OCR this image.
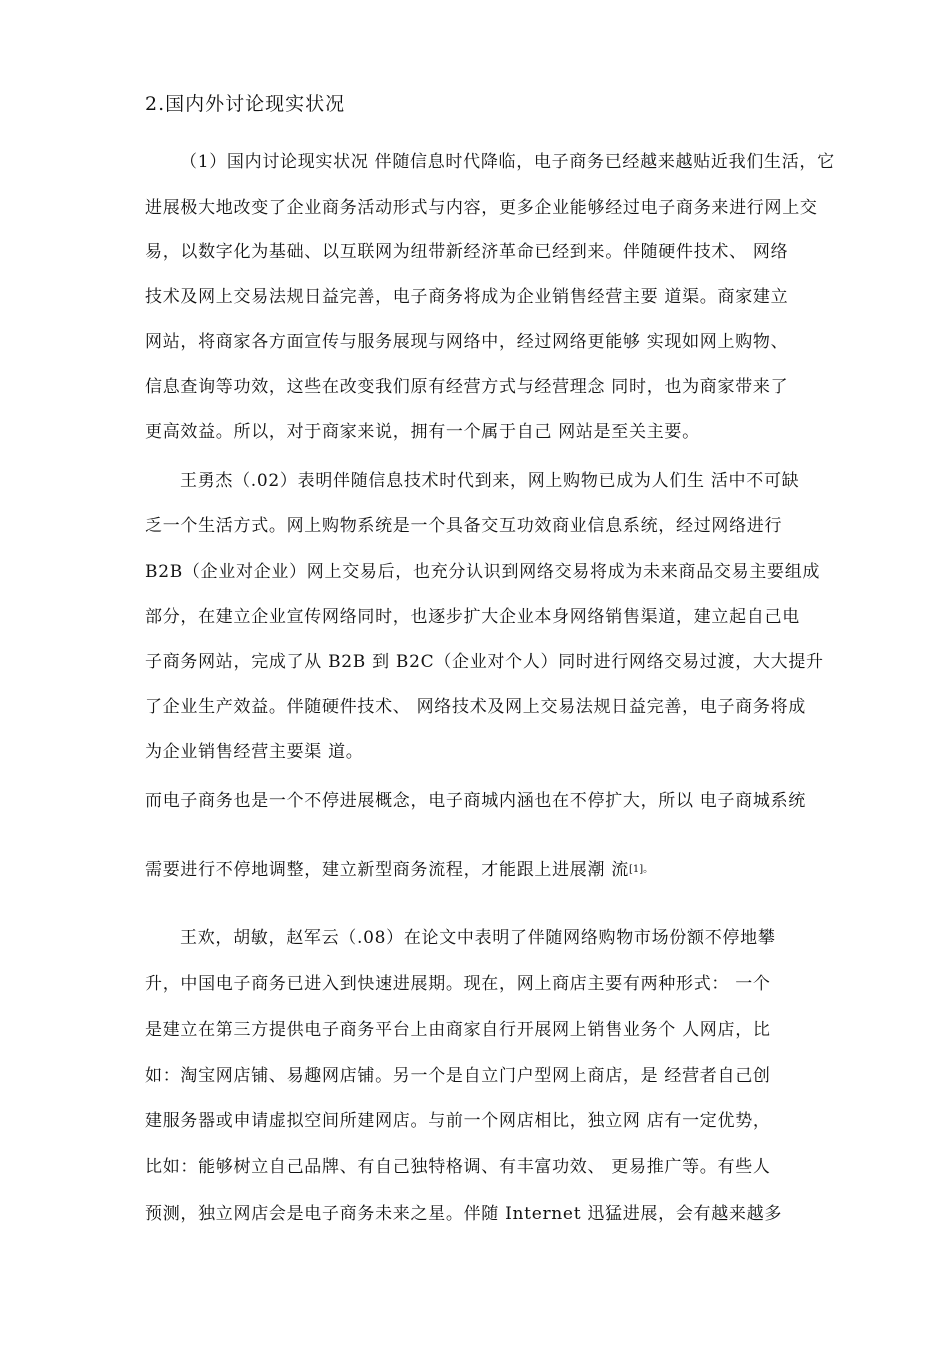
2.国内外讨论现实状况
（1）国内讨论现实状况 伴随信息时代降临，电子商务已经越来越贴近我们生活，它
进展极大地改变了企业商务活动形式与内容，更多企业能够经过电子商务来进行网上交
易，以数字化为基础、以互联网为纽带新经济革命已经到来。伴随硬件技术、 网络
技术及网上交易法规日益完善，电子商务将成为企业销售经营主要 道渠。商家建立
网站，将商家各方面宣传与服务展现与网络中，经过网络更能够 实现如网上购物、
信息查询等功效，这些在改变我们原有经营方式与经营理念 同时，也为商家带来了
更高效益。所以，对于商家来说，拥有一个属于自己 网站是至关主要。
王勇杰（.02）表明伴随信息技术时代到来，网上购物已成为人们生 活中不可缺
乏一个生活方式。网上购物系统是一个具备交互功效商业信息系统，经过网络进行
B2B（企业对企业）网上交易后，也充分认识到网络交易将成为未来商品交易主要组成
部分，在建立企业宣传网络同时，也逐步扩大企业本身网络销售渠道，建立起自己电
子商务网站，完成了从 B2B 到 B2C（企业对个人）同时进行网络交易过渡，大大提升
了企业生产效益。伴随硬件技术、 网络技术及网上交易法规日益完善，电子商务将成
为企业销售经营主要渠 道。
而电子商务也是一个不停进展概念，电子商城内涵也在不停扩大，所以 电子商城系统
需要进行不停地调整，建立新型商务流程，才能跟上进展潮 流$^{[1]。}$
王欢，胡敏，赵军云（.08）在论文中表明了伴随网络购物市场份额不停地攀
升，中国电子商务已进入到快速进展期。现在，网上商店主要有两种形式： 一个
是建立在第三方提供电子商务平台上由商家自行开展网上销售业务个 人网店，比
如：淘宝网店铺、易趣网店铺。另一个是自立门户型网上商店，是 经营者自己创
建服务器或申请虚拟空间所建网店。与前一个网店相比，独立网 店有一定优势，
比如：能够树立自己品牌、有自己独特格调、有丰富功效、 更易推广等。有些人
预测，独立网店会是电子商务未来之星。伴随 Internet 迅猛进展，会有越来越多
